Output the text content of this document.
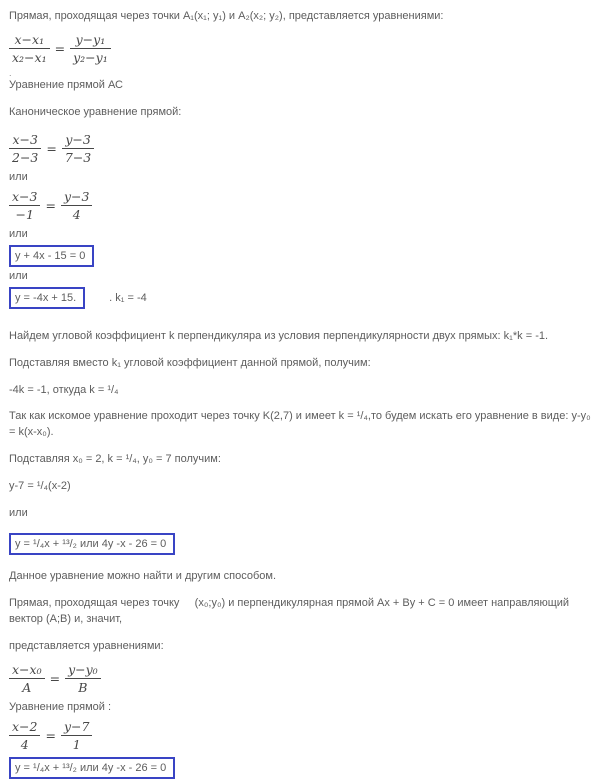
Прямая, проходящая через точки A₁(x₁; y₁) и A₂(x₂; y₂), представляется уравнениями:

$\frac{\text{x−x₁}}{\text{x₂−x₁}} = \frac{\text{y−y₁}}{\text{y₂−y₁}}$

.

Уравнение прямой АС

Каноническое уравнение прямой:

$\frac{x-3}{2-3} = \frac{y-3}{7-3}$

или

$\frac{x-3}{-1} = \frac{y-3}{4}$

или

y + 4x - 15 = 0

или

y = -4x + 15.	. k₁ = -4

Найдем угловой коэффициент k перпендикуляра из условия перпендикулярности двух прямых: k₁*k = -1.

Подставляя вместо k₁ угловой коэффициент данной прямой, получим:

-4k = -1, откуда k = ¹/₄

Так как искомое уравнение проходит через точку K(2,7) и имеет k = ¹/₄,то будем искать его уравнение в виде: y-y₀ = k(x-x₀).

Подставляя x₀ = 2, k = ¹/₄, y₀ = 7 получим:

y-7 = ¹/₄(x-2)

или

y = ¹/₄x + ¹³/₂ или 4y -x - 26 = 0

Данное уравнение можно найти и другим способом.

Прямая, проходящая через точку     (x₀;y₀) и перпендикулярная прямой Ax + By + C = 0 имеет направляющий вектор (A;B) и, значит,

представляется уравнениями:

$\frac{\text{x−x₀}}{A} = \frac{\text{y−y₀}}{B}$

Уравнение прямой :

$\frac{x-2}{4} = \frac{y-7}{1}$
y = ¹/₄x + ¹³/₂ или 4y -x - 26 = 0
